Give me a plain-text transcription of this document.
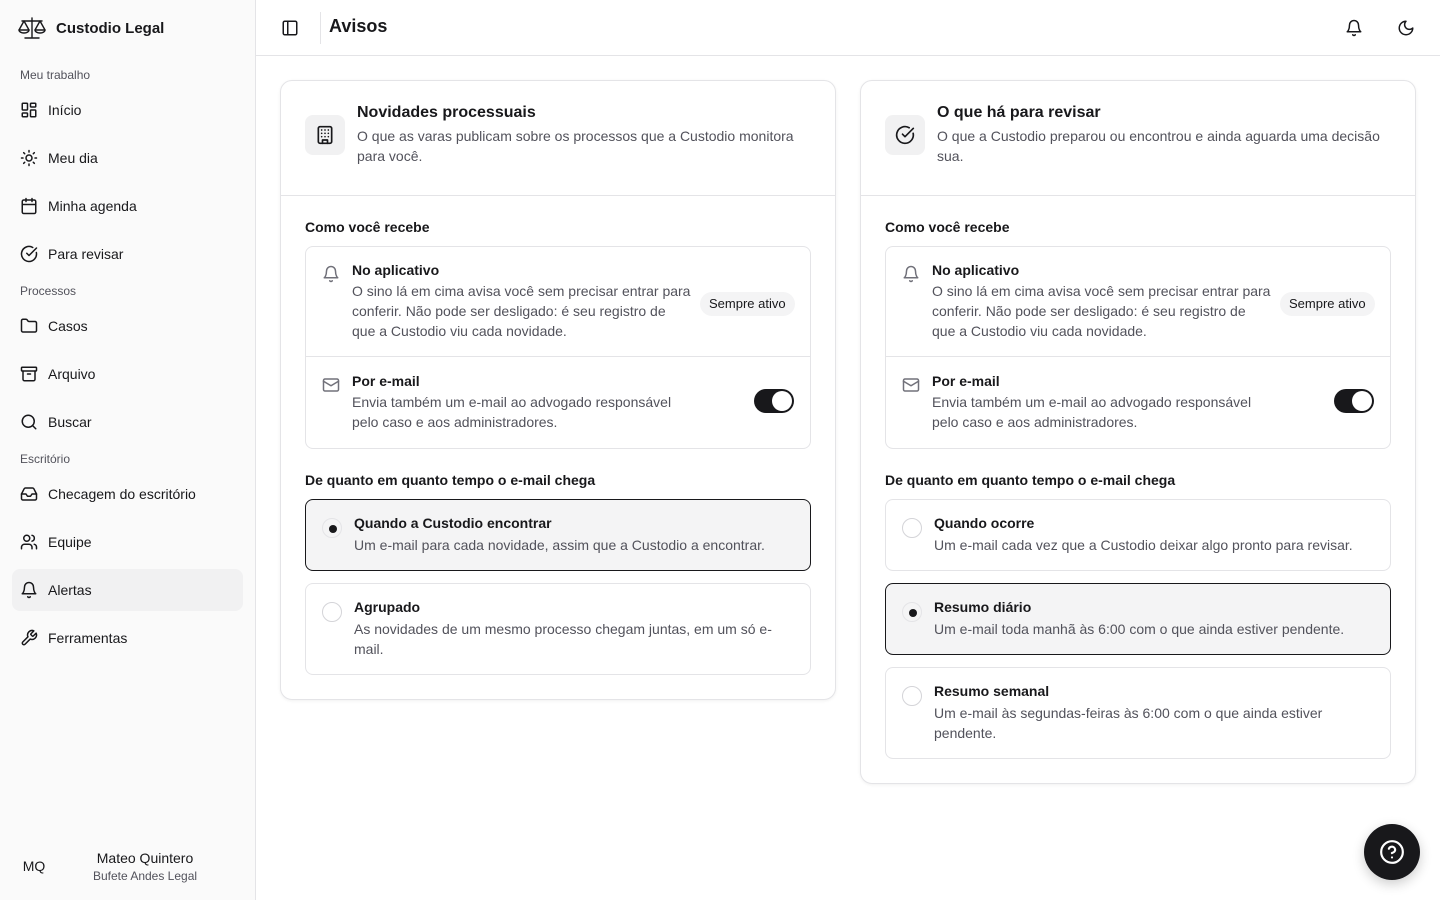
Custodio Legal
Meu trabalho
Início
Meu dia
Minha agenda
Para revisar
Processos
Casos
Arquivo
Buscar
Escritório
Checagem do escritório
Equipe
Alertas
Ferramentas
MQ	Mateo Quintero
Bufete Andes Legal
Avisos
Novidades processuais
O que as varas publicam sobre os processos que a Custodio monitora para você.
Como você recebe
No aplicativo
O sino lá em cima avisa você sem precisar entrar para conferir. Não pode ser desligado: é seu registro de que a Custodio viu cada novidade.
Sempre ativo
Por e-mail
Envia também um e-mail ao advogado responsável pelo caso e aos administradores.
De quanto em quanto tempo o e-mail chega
Quando a Custodio encontrar
Um e-mail para cada novidade, assim que a Custodio a encontrar.
Agrupado
As novidades de um mesmo processo chegam juntas, em um só e-mail.
O que há para revisar
O que a Custodio preparou ou encontrou e ainda aguarda uma decisão sua.
Como você recebe
No aplicativo
O sino lá em cima avisa você sem precisar entrar para conferir. Não pode ser desligado: é seu registro de que a Custodio viu cada novidade.
Sempre ativo
Por e-mail
Envia também um e-mail ao advogado responsável pelo caso e aos administradores.
De quanto em quanto tempo o e-mail chega
Quando ocorre
Um e-mail cada vez que a Custodio deixar algo pronto para revisar.
Resumo diário
Um e-mail toda manhã às 6:00 com o que ainda estiver pendente.
Resumo semanal
Um e-mail às segundas-feiras às 6:00 com o que ainda estiver pendente.
